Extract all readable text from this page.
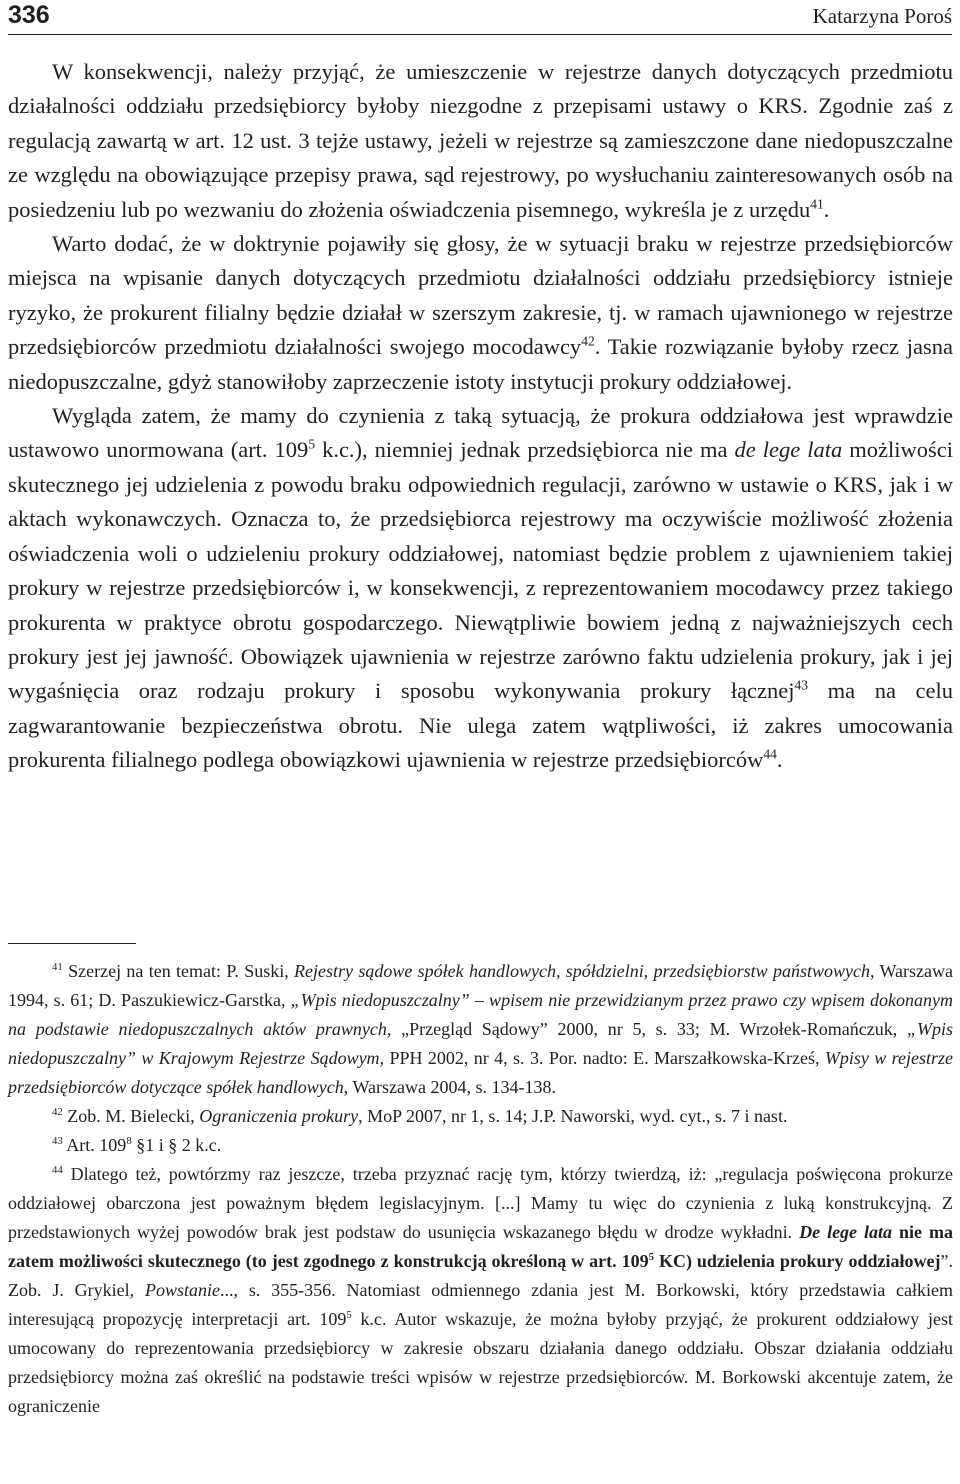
336	Katarzyna Poroś

W konsekwencji, należy przyjąć, że umieszczenie w rejestrze danych dotyczących przedmiotu działalności oddziału przedsiębiorcy byłoby niezgodne z przepisami ustawy o KRS. Zgodnie zaś z regulacją zawartą w art. 12 ust. 3 tejże ustawy, jeżeli w rejestrze są zamieszczone dane niedopuszczalne ze względu na obowiązujące przepisy prawa, sąd rejestrowy, po wysłuchaniu zainteresowanych osób na posiedzeniu lub po wezwaniu do złożenia oświadczenia pisemnego, wykreśla je z urzędu$^{41}$.

Warto dodać, że w doktrynie pojawiły się głosy, że w sytuacji braku w rejestrze przedsiębiorców miejsca na wpisanie danych dotyczących przedmiotu działalności oddziału przedsiębiorcy istnieje ryzyko, że prokurent filialny będzie działał w szerszym zakresie, tj. w ramach ujawnionego w rejestrze przedsiębiorców przedmiotu działalności swojego mocodawcy$^{42}$. Takie rozwiązanie byłoby rzecz jasna niedopuszczalne, gdyż stanowiłoby zaprzeczenie istoty instytucji prokury oddziałowej.

Wygląda zatem, że mamy do czynienia z taką sytuacją, że prokura oddziałowa jest wprawdzie ustawowo unormowana (art. $109^5$ k.c.), niemniej jednak przedsiębiorca nie ma de lege lata możliwości skutecznego jej udzielenia z powodu braku odpowiednich regulacji, zarówno w ustawie o KRS, jak i w aktach wykonawczych. Oznacza to, że przedsiębiorca rejestrowy ma oczywiście możliwość złożenia oświadczenia woli o udzieleniu prokury oddziałowej, natomiast będzie problem z ujawnieniem takiej prokury w rejestrze przedsiębiorców i, w konsekwencji, z reprezentowaniem mocodawcy przez takiego prokurenta w praktyce obrotu gospodarczego. Niewątpliwie bowiem jedną z najważniejszych cech prokury jest jej jawność. Obowiązek ujawnienia w rejestrze zarówno faktu udzielenia prokury, jak i jej wygaśnięcia oraz rodzaju prokury i sposobu wykonywania prokury łącznej$^{43}$ ma na celu zagwarantowanie bezpieczeństwa obrotu. Nie ulega zatem wątpliwości, iż zakres umocowania prokurenta filialnego podlega obowiązkowi ujawnienia w rejestrze przedsiębiorców$^{44}$.

$^{41}$ Szerzej na ten temat: P. Suski, Rejestry sądowe spółek handlowych, spółdzielni, przedsiębiorstw państwowych, Warszawa 1994, s. 61; D. Paszukiewicz-Garstka, „Wpis niedopuszczalny” – wpisem nie przewidzianym przez prawo czy wpisem dokonanym na podstawie niedopuszczalnych aktów prawnych, „Przegląd Sądowy” 2000, nr 5, s. 33; M. Wrzołek-Romańczuk, „Wpis niedopuszczalny” w Krajowym Rejestrze Sądowym, PPH 2002, nr 4, s. 3. Por. nadto: E. Marszałkowska-Krześ, Wpisy w rejestrze przedsiębiorców dotyczące spółek handlowych, Warszawa 2004, s. 134-138.

$^{42}$ Zob. M. Bielecki, Ograniczenia prokury, MoP 2007, nr 1, s. 14; J.P. Naworski, wyd. cyt., s. 7 i nast.

$^{43}$ Art. $109^8$ §1 i § 2 k.c.

$^{44}$ Dlatego też, powtórzmy raz jeszcze, trzeba przyznać rację tym, którzy twierdzą, iż: „regulacja poświęcona prokurze oddziałowej obarczona jest poważnym błędem legislacyjnym. [...] Mamy tu więc do czynienia z luką konstrukcyjną. Z przedstawionych wyżej powodów brak jest podstaw do usunięcia wskazanego błędu w drodze wykładni. De lege lata nie ma zatem możliwości skutecznego (to jest zgodnego z konstrukcją określoną w art. $109^5$ KC) udzielenia prokury oddziałowej”. Zob. J. Grykiel, Powstanie..., s. 355-356. Natomiast odmiennego zdania jest M. Borkowski, który przedstawia całkiem interesującą propozycję interpretacji art. $109^5$ k.c. Autor wskazuje, że można byłoby przyjąć, że prokurent oddziałowy jest umocowany do reprezentowania przedsiębiorcy w zakresie obszaru działania danego oddziału. Obszar działania oddziału przedsiębiorcy można zaś określić na podstawie treści wpisów w rejestrze przedsiębiorców. M. Borkowski akcentuje zatem, że ograniczenie
